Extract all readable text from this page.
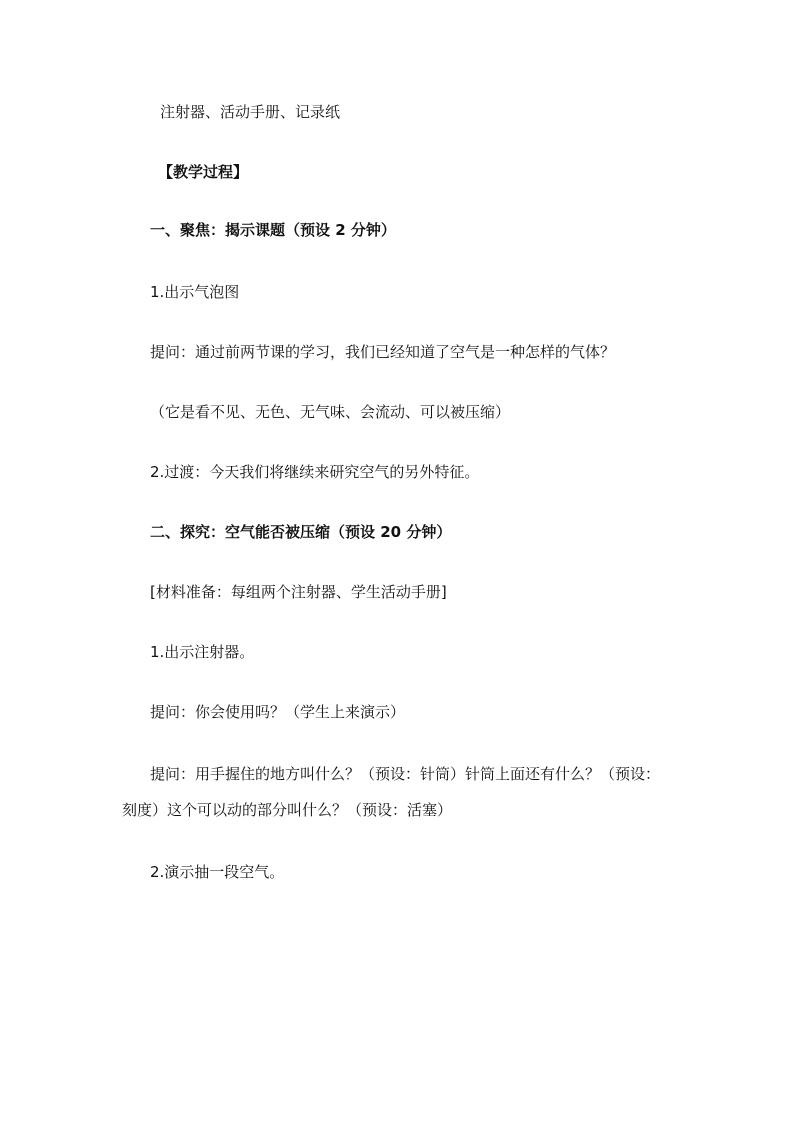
注射器、活动手册、记录纸
【教学过程】
一、聚焦：揭示课题（预设 2 分钟）
1.出示气泡图
提问：通过前两节课的学习，我们已经知道了空气是一种怎样的气体？
（它是看不见、无色、无气味、会流动、可以被压缩）
2.过渡：今天我们将继续来研究空气的另外特征。
二、探究：空气能否被压缩（预设 20 分钟）
[材料准备：每组两个注射器、学生活动手册]
1.出示注射器。
提问：你会使用吗？（学生上来演示）
提问：用手握住的地方叫什么？（预设：针筒）针筒上面还有什么？（预设：刻度）这个可以动的部分叫什么？（预设：活塞）
2.演示抽一段空气。
